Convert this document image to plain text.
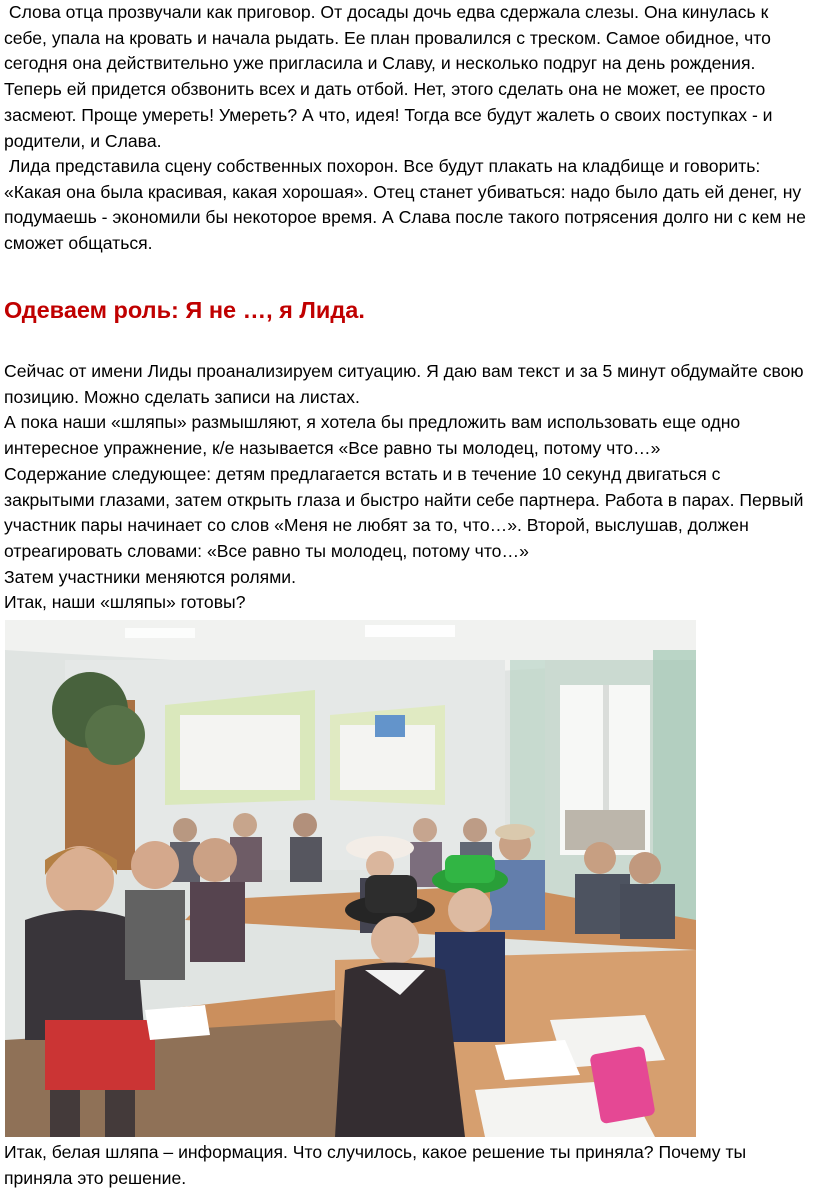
Слова отца прозвучали как приговор. От досады дочь едва сдержала слезы. Она кинулась к себе, упала на кровать и начала рыдать. Ее план провалился с треском. Самое обидное, что сегодня она действительно уже пригласила и Славу, и несколько подруг на день рождения. Теперь ей придется обзвонить всех и дать отбой. Нет, этого сделать она не может, ее просто засмеют. Проще умереть! Умереть? А что, идея! Тогда все будут жалеть о своих поступках - и родители, и Слава.

Лида представила сцену собственных похорон. Все будут плакать на кладбище и говорить: «Какая она была красивая, какая хорошая». Отец станет убиваться: надо было дать ей денег, ну подумаешь - экономили бы некоторое время. А Слава после такого потрясения долго ни с кем не сможет общаться.

Одеваем роль: Я не …, я Лида.

Сейчас от имени Лиды проанализируем ситуацию. Я даю вам текст и за 5 минут обдумайте свою позицию. Можно сделать записи на листах.
А пока наши «шляпы» размышляют, я хотела бы предложить вам использовать еще одно интересное упражнение, к/е называется «Все равно ты молодец, потому что…»
Содержание следующее: детям предлагается встать и в течение 10 секунд двигаться с закрытыми глазами, затем открыть глаза и быстро найти себе партнера. Работа в парах. Первый участник пары начинает со слов «Меня не любят за то, что…». Второй, выслушав, должен отреагировать словами: «Все равно ты молодец, потому что…»
Затем участники меняются ролями.
Итак, наши «шляпы» готовы?

Итак, белая шляпа – информация. Что случилось, какое решение ты приняла? Почему ты приняла это решение.
